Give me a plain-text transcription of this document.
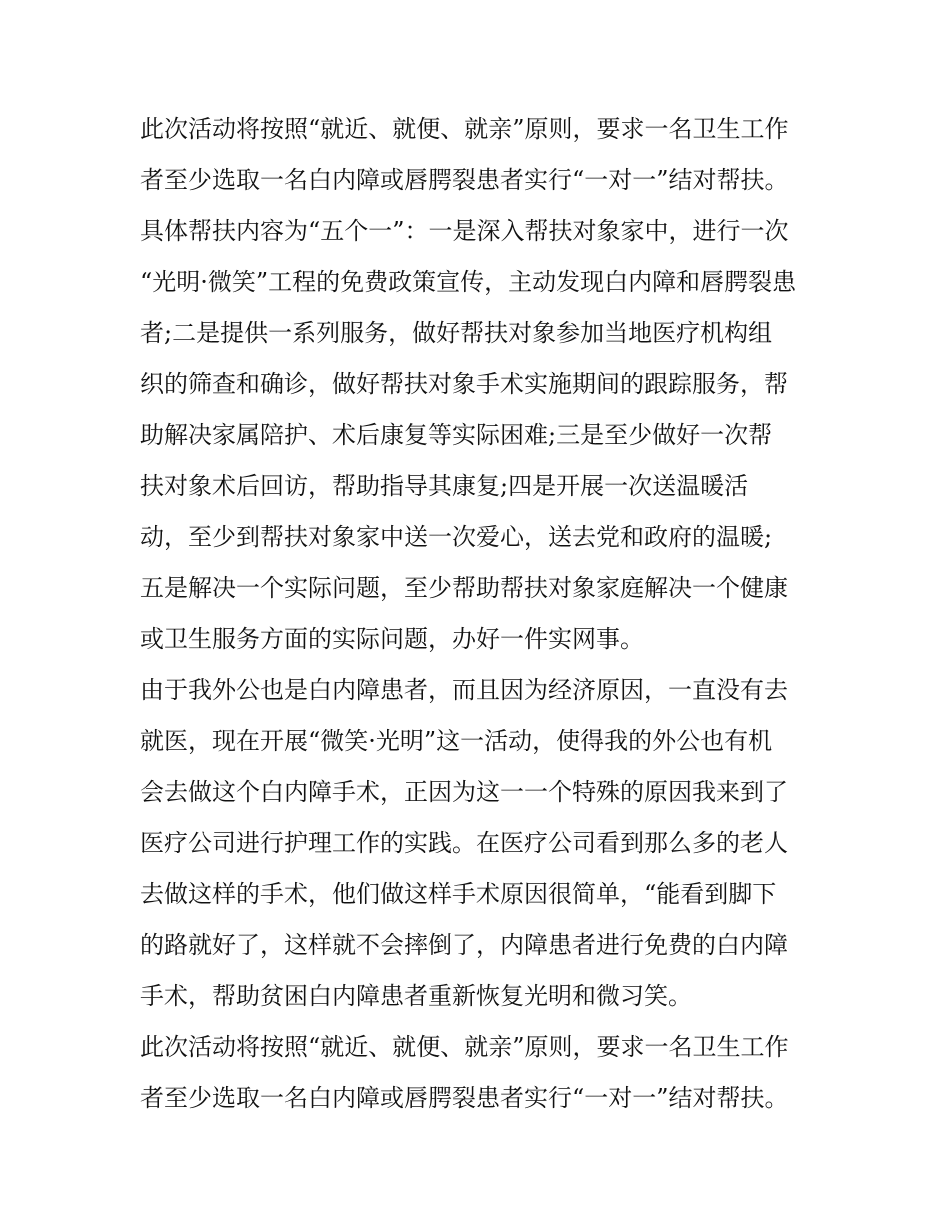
此次活动将按照“就近、就便、就亲”原则，要求一名卫生工作
者至少选取一名白内障或唇腭裂患者实行“一对一”结对帮扶。
具体帮扶内容为“五个一”：一是深入帮扶对象家中，进行一次
“光明·微笑”工程的免费政策宣传，主动发现白内障和唇腭裂患
者;二是提供一系列服务，做好帮扶对象参加当地医疗机构组
织的筛查和确诊，做好帮扶对象手术实施期间的跟踪服务，帮
助解决家属陪护、术后康复等实际困难;三是至少做好一次帮
扶对象术后回访，帮助指导其康复;四是开展一次送温暖活
动，至少到帮扶对象家中送一次爱心，送去党和政府的温暖;
五是解决一个实际问题，至少帮助帮扶对象家庭解决一个健康
或卫生服务方面的实际问题，办好一件实网事。
由于我外公也是白内障患者，而且因为经济原因，一直没有去
就医，现在开展“微笑·光明”这一活动，使得我的外公也有机
会去做这个白内障手术，正因为这一一个特殊的原因我来到了
医疗公司进行护理工作的实践。在医疗公司看到那么多的老人
去做这样的手术，他们做这样手术原因很简单，“能看到脚下
的路就好了，这样就不会摔倒了，内障患者进行免费的白内障
手术，帮助贫困白内障患者重新恢复光明和微习笑。
此次活动将按照“就近、就便、就亲”原则，要求一名卫生工作
者至少选取一名白内障或唇腭裂患者实行“一对一”结对帮扶。
